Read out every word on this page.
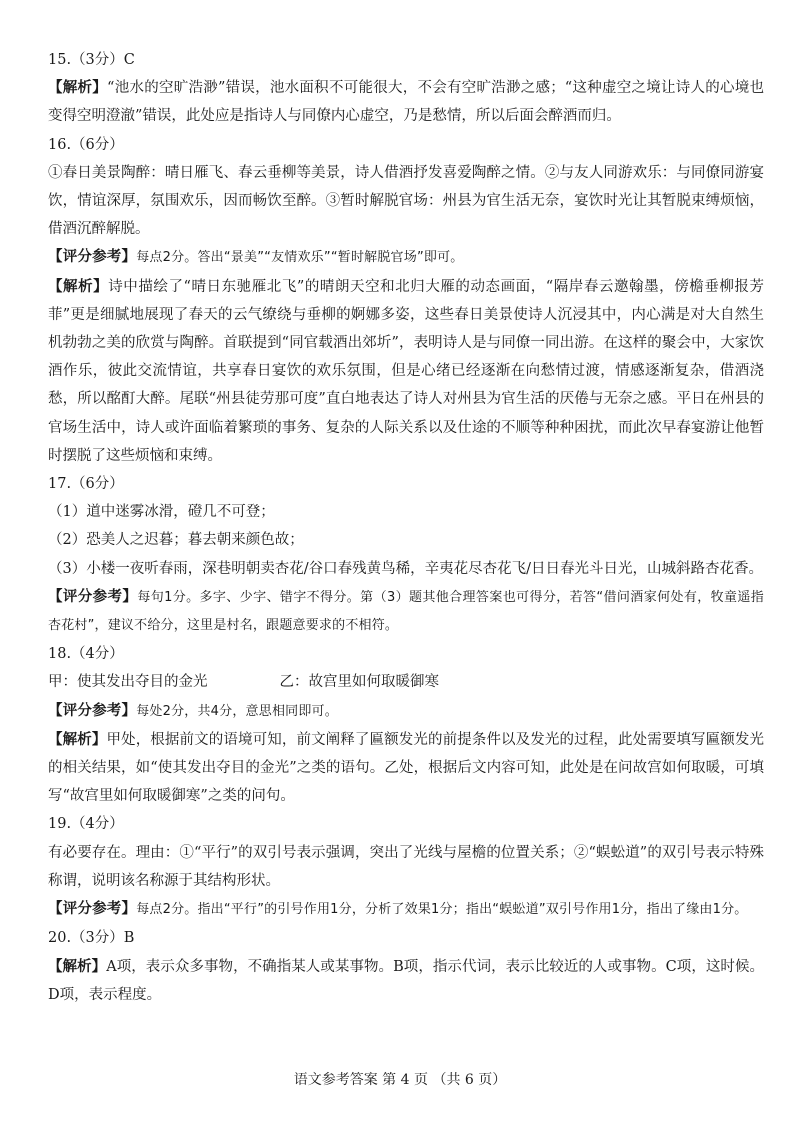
15.（3分）C

【解析】“池水的空旷浩渺”错误，池水面积不可能很大，不会有空旷浩渺之感；“这种虚空之境让诗人的心境也变得空明澄澈”错误，此处应是指诗人与同僚内心虚空，乃是愁情，所以后面会醉酒而归。

16.（6分）

①春日美景陶醉：晴日雁飞、春云垂柳等美景，诗人借酒抒发喜爱陶醉之情。②与友人同游欢乐：与同僚同游宴饮，情谊深厚，氛围欢乐，因而畅饮至醉。③暂时解脱官场：州县为官生活无奈，宴饮时光让其暂脱束缚烦恼，借酒沉醉解脱。

【评分参考】每点2分。答出“景美”“友情欢乐”“暂时解脱官场”即可。

【解析】诗中描绘了“晴日东驰雁北飞”的晴朗天空和北归大雁的动态画面，“隔岸春云邀翰墨，傍檐垂柳报芳菲”更是细腻地展现了春天的云气缭绕与垂柳的婀娜多姿，这些春日美景使诗人沉浸其中，内心满是对大自然生机勃勃之美的欣赏与陶醉。首联提到“同官载酒出郊圻”，表明诗人是与同僚一同出游。在这样的聚会中，大家饮酒作乐，彼此交流情谊，共享春日宴饮的欢乐氛围，但是心绪已经逐渐在向愁情过渡，情感逐渐复杂，借酒浇愁，所以酩酊大醉。尾联“州县徒劳那可度”直白地表达了诗人对州县为官生活的厌倦与无奈之感。平日在州县的官场生活中，诗人或许面临着繁琐的事务、复杂的人际关系以及仕途的不顺等种种困扰，而此次早春宴游让他暂时摆脱了这些烦恼和束缚。

17.（6分）

（1）道中迷雾冰滑，磴几不可登；

（2）恐美人之迟暮；暮去朝来颜色故；

（3）小楼一夜听春雨，深巷明朝卖杏花/谷口春残黄鸟稀，辛夷花尽杏花飞/日日春光斗日光，山城斜路杏花香。

【评分参考】每句1分。多字、少字、错字不得分。第（3）题其他合理答案也可得分，若答“借问酒家何处有，牧童遥指杏花村”，建议不给分，这里是村名，跟题意要求的不相符。

18.（4分）

甲：使其发出夺目的金光	乙：故宫里如何取暖御寒

【评分参考】每处2分，共4分，意思相同即可。

【解析】甲处，根据前文的语境可知，前文阐释了匾额发光的前提条件以及发光的过程，此处需要填写匾额发光的相关结果，如“使其发出夺目的金光”之类的语句。乙处，根据后文内容可知，此处是在问故宫如何取暖，可填写“故宫里如何取暖御寒”之类的问句。

19.（4分）

有必要存在。理由：①“平行”的双引号表示强调，突出了光线与屋檐的位置关系；②“蜈蚣道”的双引号表示特殊称谓，说明该名称源于其结构形状。

【评分参考】每点2分。指出“平行”的引号作用1分，分析了效果1分；指出“蜈蚣道”双引号作用1分，指出了缘由1分。

20.（3分）B

【解析】A项，表示众多事物，不确指某人或某事物。B项，指示代词，表示比较近的人或事物。C项，这时候。D项，表示程度。

语文参考答案 第 4 页 （共 6 页）
